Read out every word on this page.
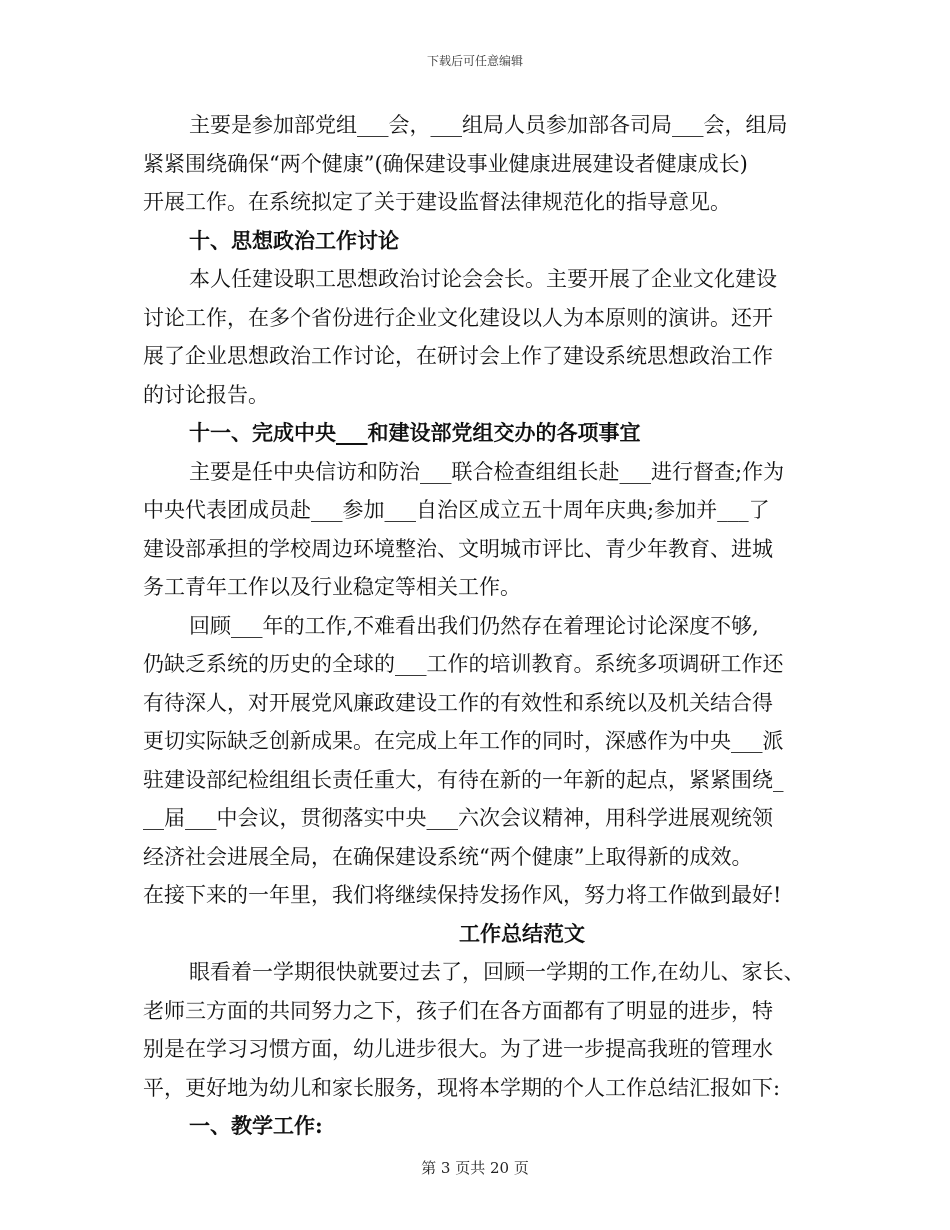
下载后可任意编辑
主要是参加部党组___会，___组局人员参加部各司局___会，组局
紧紧围绕确保“两个健康”(确保建设事业健康进展建设者健康成长)
开展工作。在系统拟定了关于建设监督法律规范化的指导意见。
十、思想政治工作讨论
本人任建设职工思想政治讨论会会长。主要开展了企业文化建设
讨论工作，在多个省份进行企业文化建设以人为本原则的演讲。还开
展了企业思想政治工作讨论，在研讨会上作了建设系统思想政治工作
的讨论报告。
十一、完成中央___和建设部党组交办的各项事宜
主要是任中央信访和防治___联合检查组组长赴___进行督查;作为
中央代表团成员赴___参加___自治区成立五十周年庆典;参加并___了
建设部承担的学校周边环境整治、文明城市评比、青少年教育、进城
务工青年工作以及行业稳定等相关工作。
回顾___年的工作,不难看出我们仍然存在着理论讨论深度不够,
仍缺乏系统的历史的全球的___工作的培训教育。系统多项调研工作还
有待深人，对开展党风廉政建设工作的有效性和系统以及机关结合得
更切实际缺乏创新成果。在完成上年工作的同时，深感作为中央___派
驻建设部纪检组组长责任重大，有待在新的一年新的起点，紧紧围绕_
__届___中会议，贯彻落实中央___六次会议精神，用科学进展观统领
经济社会进展全局，在确保建设系统“两个健康”上取得新的成效。
在接下来的一年里，我们将继续保持发扬作风，努力将工作做到最好!
工作总结范文
眼看着一学期很快就要过去了，回顾一学期的工作,在幼儿、家长、
老师三方面的共同努力之下，孩子们在各方面都有了明显的进步，特
别是在学习习惯方面，幼儿进步很大。为了进一步提高我班的管理水
平，更好地为幼儿和家长服务，现将本学期的个人工作总结汇报如下:
一、教学工作:
第 3 页共 20 页
